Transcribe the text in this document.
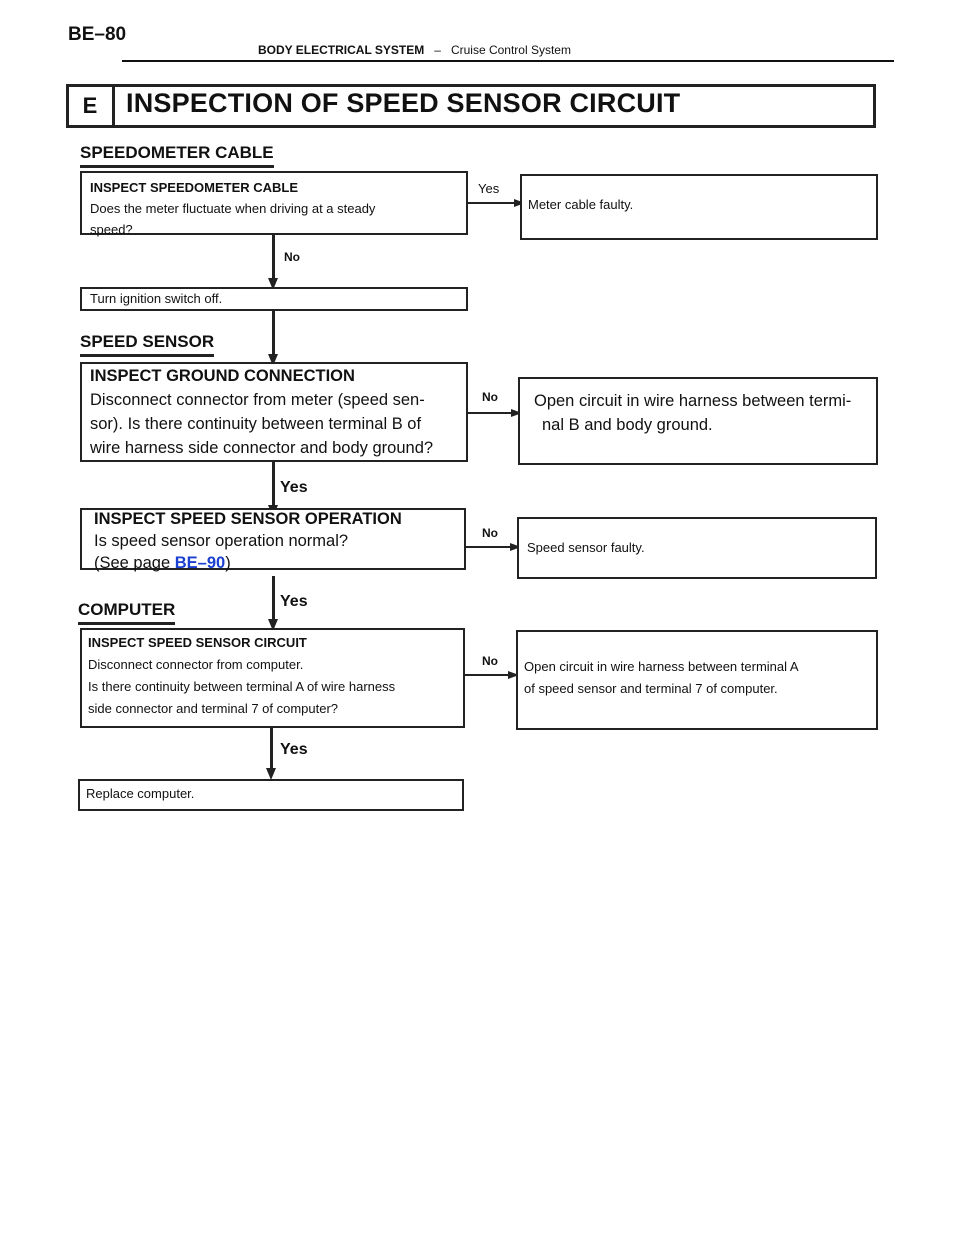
BE–80
BODY ELECTRICAL SYSTEM – Cruise Control System
E	INSPECTION OF SPEED SENSOR CIRCUIT
SPEEDOMETER CABLE
INSPECT SPEEDOMETER CABLE
Does the meter fluctuate when driving at a steady
speed?
Yes
Meter cable faulty.
No
Turn ignition switch off.
SPEED SENSOR
INSPECT GROUND CONNECTION
Disconnect connector from meter (speed sen-
sor). Is there continuity between terminal B of
wire harness side connector and body ground?
No Open circuit in wire harness between termi-
nal B and body ground.
Yes
INSPECT SPEED SENSOR OPERATION
Is speed sensor operation normal?
(See page BE–90)
No
Speed sensor faulty.
Yes
COMPUTER
INSPECT SPEED SENSOR CIRCUIT
Disconnect connector from computer.
Is there continuity between terminal A of wire harness
side connector and terminal 7 of computer?
No Open circuit in wire harness between terminal A
of speed sensor and terminal 7 of computer.
Yes
Replace computer.
